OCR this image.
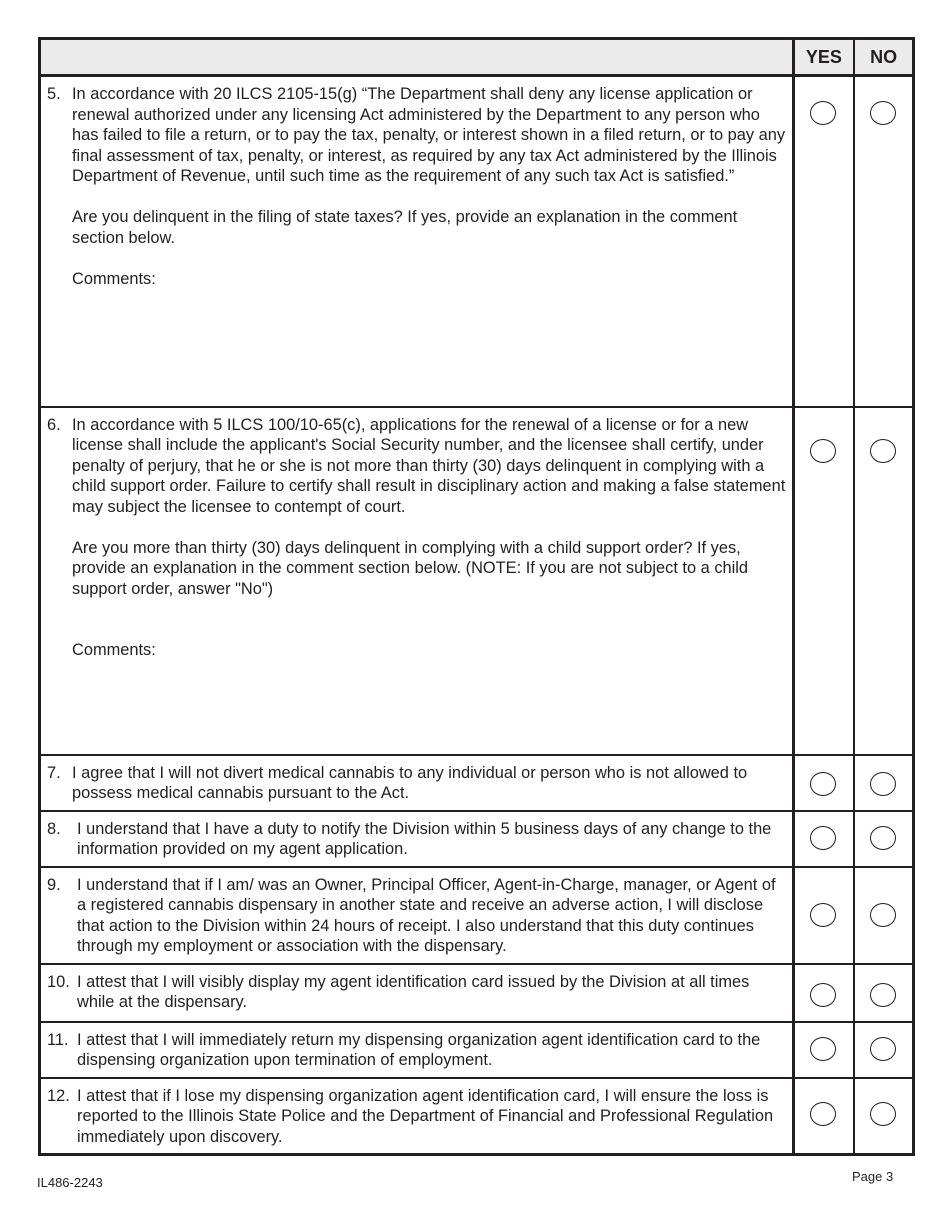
	YES	NO

5. In accordance with 20 ILCS 2105-15(g) “The Department shall deny any license application or renewal authorized under any licensing Act administered by the Department to any person who has failed to file a return, or to pay the tax, penalty, or interest shown in a filed return, or to pay any final assessment of tax, penalty, or interest, as required by any tax Act administered by the Illinois Department of Revenue, until such time as the requirement of any such tax Act is satisfied.”

Are you delinquent in the filing of state taxes? If yes, provide an explanation in the comment section below.

Comments:		

6. In accordance with 5 ILCS 100/10-65(c), applications for the renewal of a license or for a new license shall include the applicant's Social Security number, and the licensee shall certify, under penalty of perjury, that he or she is not more than thirty (30) days delinquent in complying with a child support order. Failure to certify shall result in disciplinary action and making a false statement may subject the licensee to contempt of court.

Are you more than thirty (30) days delinquent in complying with a child support order? If yes, provide an explanation in the comment section below. (NOTE: If you are not subject to a child support order, answer "No")

Comments:		

7. I agree that I will not divert medical cannabis to any individual or person who is not allowed to possess medical cannabis pursuant to the Act.		

8. I understand that I have a duty to notify the Division within 5 business days of any change to the information provided on my agent application.		

9. I understand that if I am/ was an Owner, Principal Officer, Agent-in-Charge, manager, or Agent of a registered cannabis dispensary in another state and receive an adverse action, I will disclose that action to the Division within 24 hours of receipt. I also understand that this duty continues through my employment or association with the dispensary.		

10. I attest that I will visibly display my agent identification card issued by the Division at all times while at the dispensary.		

11. I attest that I will immediately return my dispensing organization agent identification card to the dispensing organization upon termination of employment.		

12. I attest that if I lose my dispensing organization agent identification card, I will ensure the loss is reported to the Illinois State Police and the Department of Financial and Professional Regulation immediately upon discovery.		

IL486-2243	Page 3
